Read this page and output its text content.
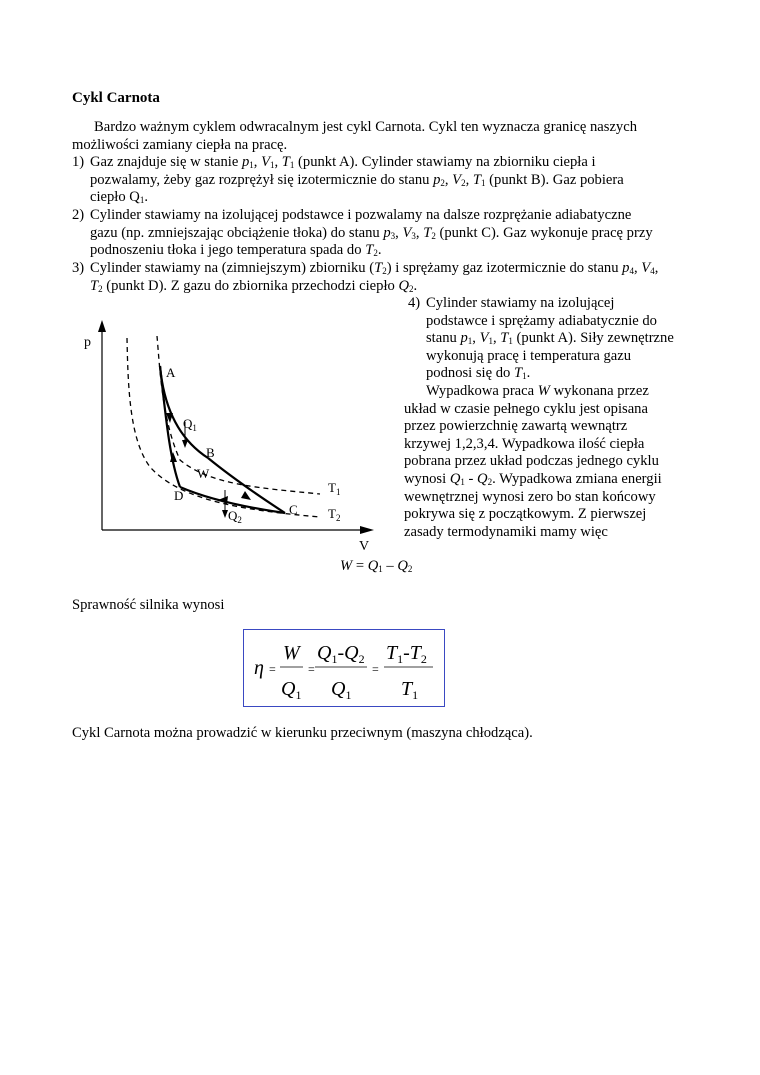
Cykl Carnota
Bardzo ważnym cyklem odwracalnym jest cykl Carnota. Cykl ten wyznacza granicę naszych
możliwości zamiany ciepła na pracę.
1) Gaz znajduje się w stanie $p_1$, $V_1$, $T_1$ (punkt A). Cylinder stawiamy na zbiorniku ciepła i
pozwalamy, żeby gaz rozprężył się izotermicznie do stanu $p_2$, $V_2$, $T_1$ (punkt B). Gaz pobiera
ciepło $Q_1$.
2) Cylinder stawiamy na izolującej podstawce i pozwalamy na dalsze rozprężanie adiabatyczne
gazu (np. zmniejszając obciążenie tłoka) do stanu $p_3$, $V_3$, $T_2$ (punkt C). Gaz wykonuje pracę przy
podnoszeniu tłoka i jego temperatura spada do $T_2$.
3) Cylinder stawiamy na (zimniejszym) zbiorniku $(T_2)$ i sprężamy gaz izotermicznie do stanu $p_4$, $V_4$,
$T_2$ (punkt D). Z gazu do zbiornika przechodzi ciepło $Q_2$.
4) Cylinder stawiamy na izolującej
podstawce i sprężamy adiabatycznie do
stanu $p_1$, $V_1$, $T_1$ (punkt A). Siły zewnętrzne
wykonują pracę i temperatura gazu
podnosi się do $T_1$.
Wypadkowa praca W wykonana przez
układ w czasie pełnego cyklu jest opisana
przez powierzchnię zawartą wewnątrz
krzywej 1,2,3,4. Wypadkowa ilość ciepła
pobrana przez układ podczas jednego cyklu
wynosi $Q_1 - Q_2$. Wypadkowa zmiana energii
wewnętrznej wynosi zero bo stan końcowy
pokrywa się z początkowym. Z pierwszej
zasady termodynamiki mamy więc
p
V
A
B
C
D
W
$Q_1$
$Q_2$
$T_1$
$T_2$
$W = Q_1 - Q_2$
Sprawność silnika wynosi
η =
W
$Q_1$
=
$Q_1-Q_2$
$Q_1$
=
$T_1-T_2$
$T_1$
Cykl Carnota można prowadzić w kierunku przeciwnym (maszyna chłodząca).
